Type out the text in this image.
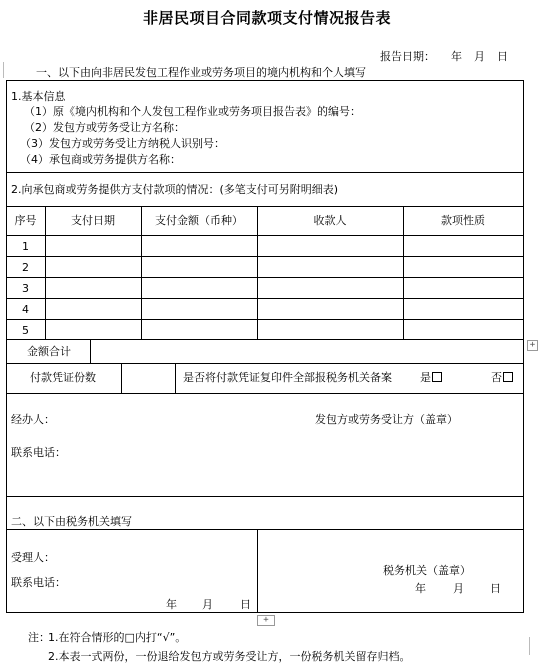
非居民项目合同款项支付情况报告表
报告日期： 年 月 日
+
+
一、以下由向非居民发包工程作业或劳务项目的境内机构和个人填写
1.基本信息
（1）原《境内机构和个人发包工程作业或劳务项目报告表》的编号：
（2）发包方或劳务受让方名称：
（3）发包方或劳务受让方纳税人识别号：
（4）承包商或劳务提供方名称：
2.向承包商或劳务提供方支付款项的情况：(多笔支付可另附明细表)
序号	支付日期	支付金额（币种）	收款人	款项性质
1
2
3
4
5
金额合计
付款凭证份数	是否将付款凭证复印件全部报税务机关备案	是	否
经办人：	发包方或劳务受让方（盖章）
联系电话：
二、以下由税务机关填写
受理人：
联系电话：
年 月 日
税务机关（盖章）
年 月 日
注：
1.在符合情形的□内打“√”。
2.本表一式两份，一份退给发包方或劳务受让方，一份税务机关留存归档。
